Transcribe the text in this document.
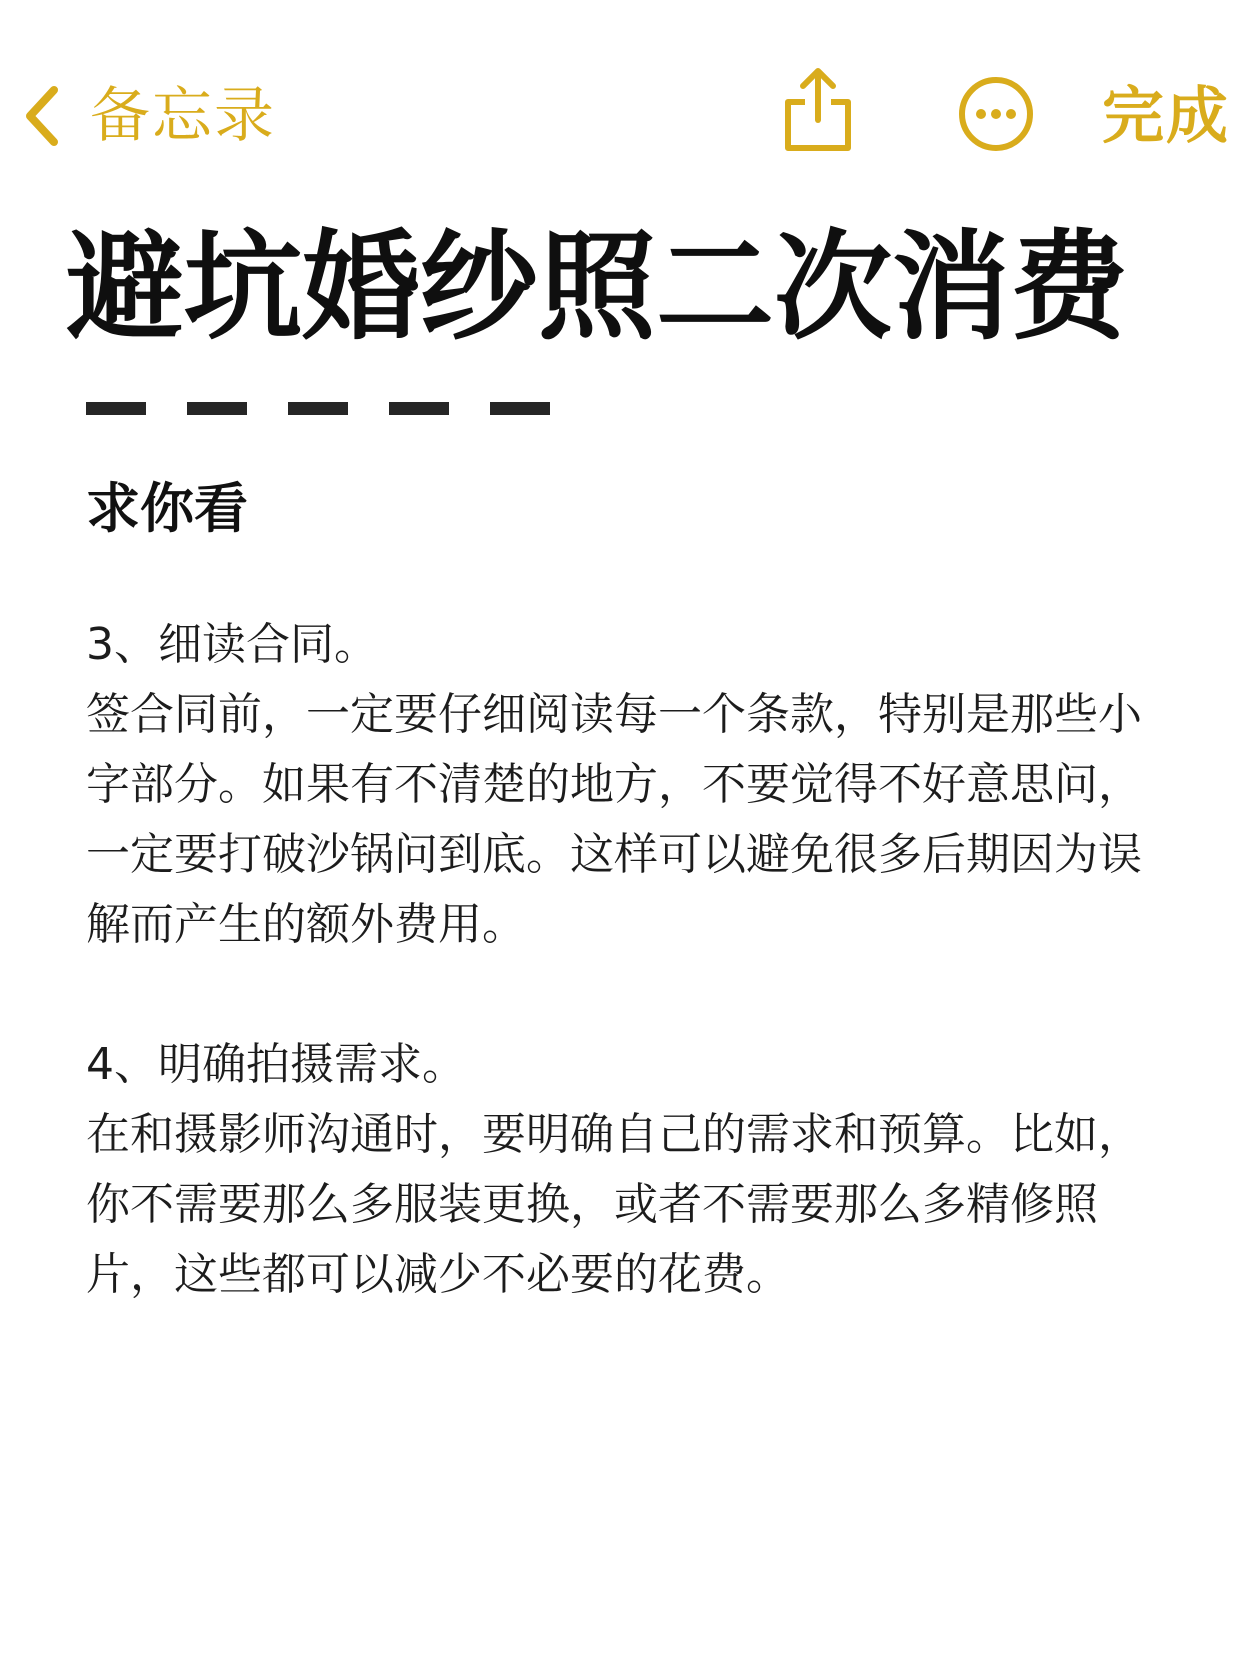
备忘录	完成
避坑婚纱照二次消费
求你看

3、细读合同。

签合同前，一定要仔细阅读每一个条款，特别是那些小字部分。如果有不清楚的地方，不要觉得不好意思问，一定要打破沙锅问到底。这样可以避免很多后期因为误解而产生的额外费用。

4、明确拍摄需求。

在和摄影师沟通时，要明确自己的需求和预算。比如，你不需要那么多服装更换，或者不需要那么多精修照片，这些都可以减少不必要的花费。
